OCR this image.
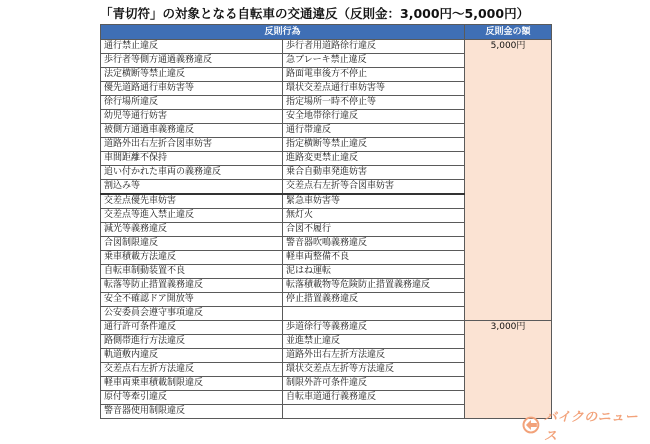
「青切符」の対象となる自転車の交通違反（反則金：3,000円〜5,000円）
反則行為		反則金の額
通行禁止違反	歩行者用道路徐行違反	5,000円
歩行者等側方通過義務違反	急ブレーキ禁止違反	
法定横断等禁止違反	路面電車後方不停止	
優先道路通行車妨害等	環状交差点通行車妨害等	
徐行場所違反	指定場所一時不停止等	
幼児等通行妨害	安全地帯徐行違反	
被側方通過車義務違反	通行帯違反	
道路外出右左折合図車妨害	指定横断等禁止違反	
車間距離不保持	進路変更禁止違反	
追い付かれた車両の義務違反	乗合自動車発進妨害	
割込み等	交差点右左折等合図車妨害	
交差点優先車妨害	緊急車妨害等	
交差点等進入禁止違反	無灯火	
減光等義務違反	合図不履行	
合図制限違反	警音器吹鳴義務違反	
乗車積載方法違反	軽車両整備不良	
自転車制動装置不良	泥はね運転	
転落等防止措置義務違反	転落積載物等危険防止措置義務違反	
安全不確認ドア開放等	停止措置義務違反	
公安委員会遵守事項違反		
通行許可条件違反	歩道徐行等義務違反	3,000円
路側帯進行方法違反	並進禁止違反	
軌道敷内違反	道路外出右左折方法違反	
交差点右左折方法違反	環状交差点左折等方法違反	
軽車両乗車積載制限違反	制限外許可条件違反	
原付等牽引違反	自転車道通行義務違反	
警音器使用制限違反			バイクのニュース
